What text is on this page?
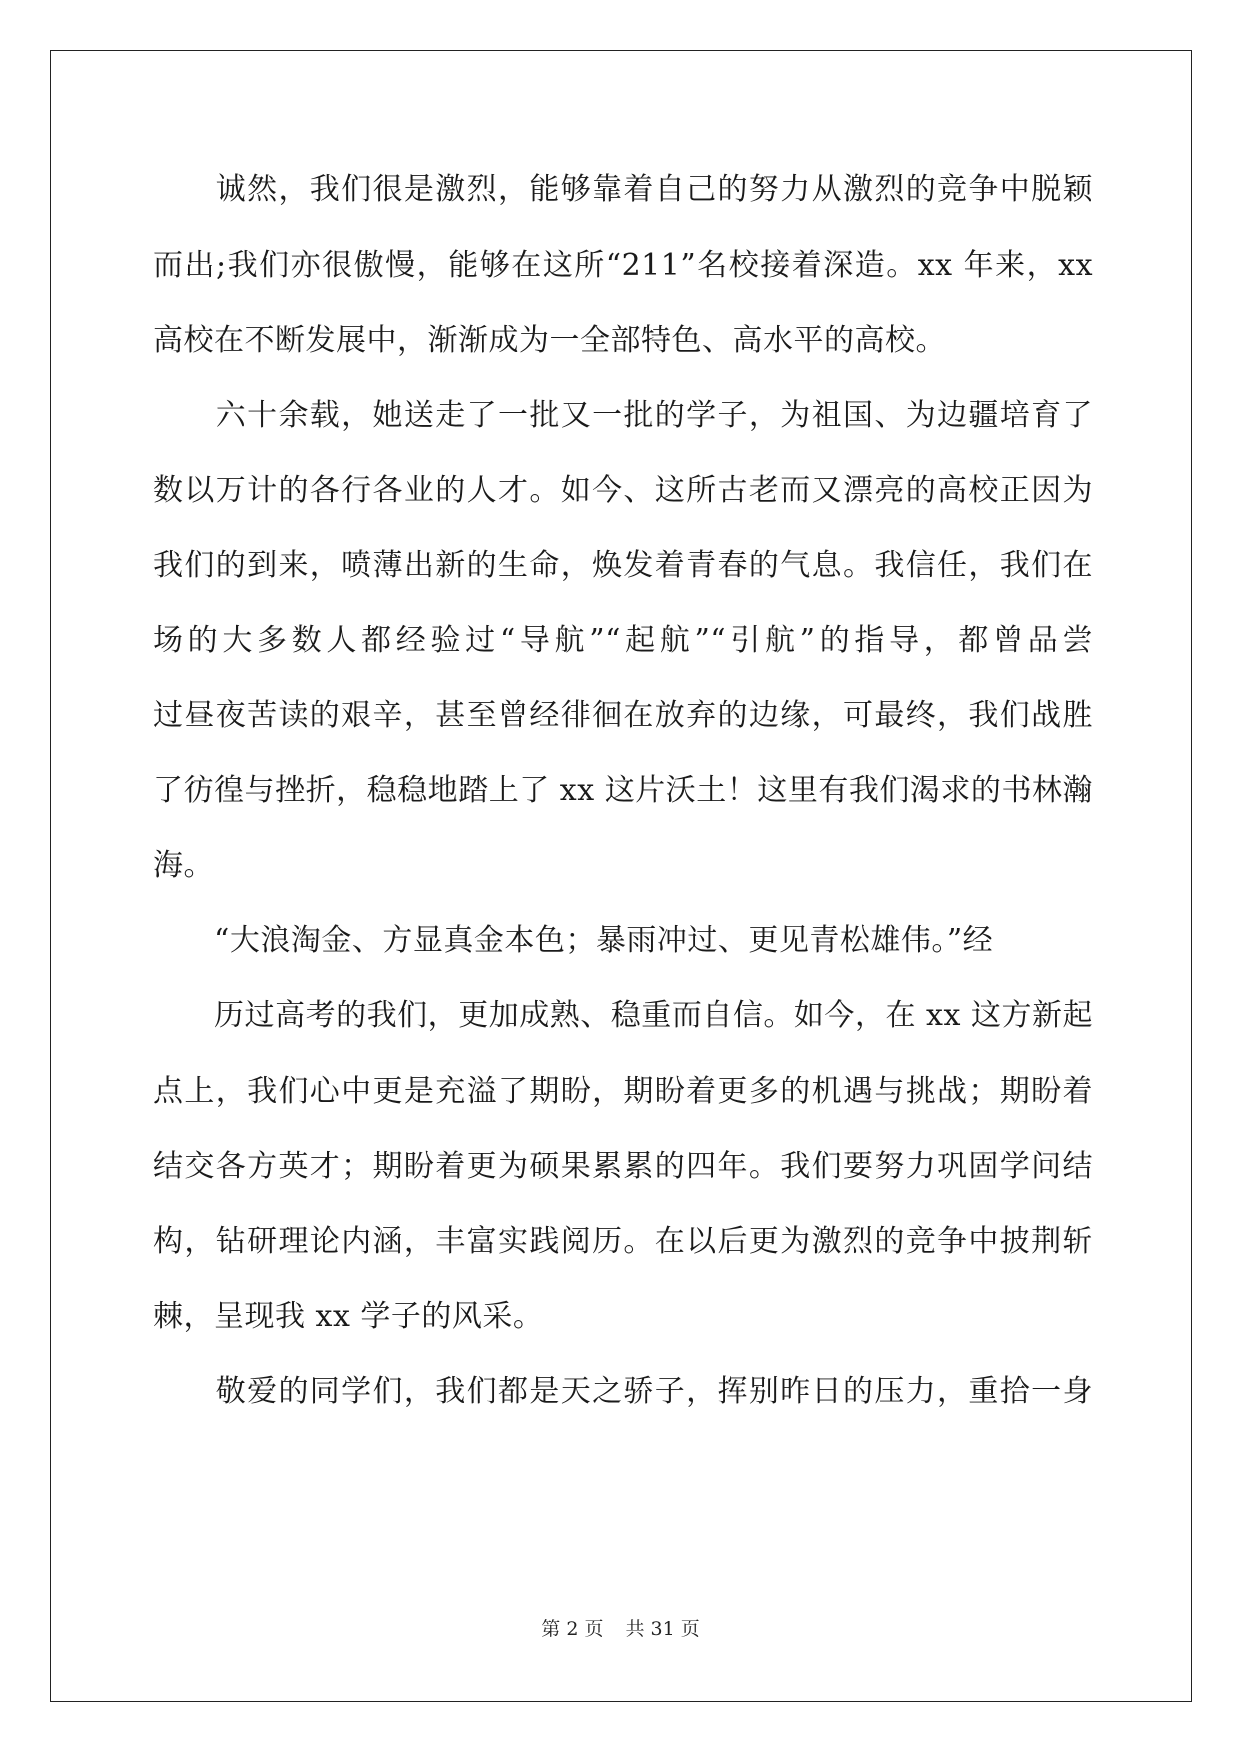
　　诚然，我们很是激烈，能够靠着自己的努力从激烈的竞争中脱颖
而出;我们亦很傲慢，能够在这所“211”名校接着深造。xx 年来，xx
高校在不断发展中，渐渐成为一全部特色、高水平的高校。
　　六十余载，她送走了一批又一批的学子，为祖国、为边疆培育了
数以万计的各行各业的人才。如今、这所古老而又漂亮的高校正因为
我们的到来，喷薄出新的生命，焕发着青春的气息。我信任，我们在
场的大多数人都经验过“导航”“起航”“引航”的指导，都曾品尝
过昼夜苦读的艰辛，甚至曾经徘徊在放弃的边缘，可最终，我们战胜
了彷徨与挫折，稳稳地踏上了 xx 这片沃土！这里有我们渴求的书林瀚
海。
　　“大浪淘金、方显真金本色；暴雨冲过、更见青松雄伟。”经
　　历过高考的我们，更加成熟、稳重而自信。如今，在 xx 这方新起
点上，我们心中更是充溢了期盼，期盼着更多的机遇与挑战；期盼着
结交各方英才；期盼着更为硕果累累的四年。我们要努力巩固学问结
构，钻研理论内涵，丰富实践阅历。在以后更为激烈的竞争中披荆斩
棘，呈现我 xx 学子的风采。
　　敬爱的同学们，我们都是天之骄子，挥别昨日的压力，重拾一身
第 2 页 共 31 页
